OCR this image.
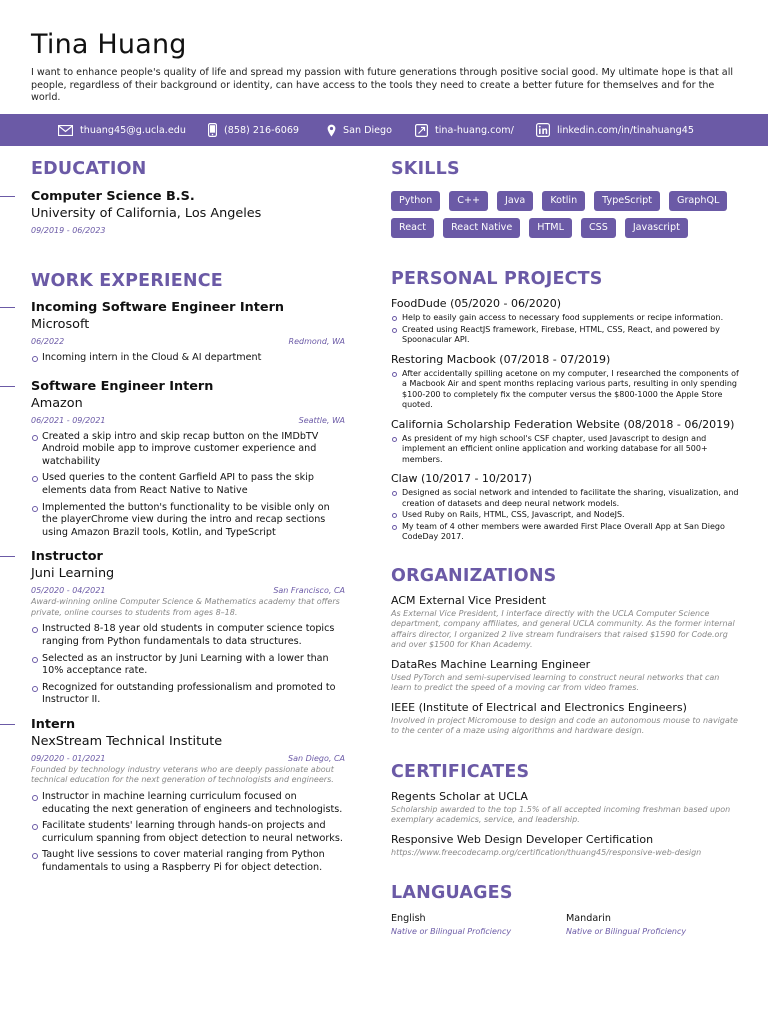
Tina Huang
I want to enhance people's quality of life and spread my passion with future generations through positive social good. My ultimate hope is that all people, regardless of their background or identity, can have access to the tools they need to create a better future for themselves and for the world.
thuang45@g.ucla.edu	(858) 216-6069	San Diego	tina-huang.com/	linkedin.com/in/tinahuang45
EDUCATION
Computer Science B.S.
University of California, Los Angeles
09/2019 - 06/2023
WORK EXPERIENCE
Incoming Software Engineer Intern
Microsoft
06/2022	Redmond, WA
Incoming intern in the Cloud & AI department
Software Engineer Intern
Amazon
06/2021 - 09/2021	Seattle, WA
Created a skip intro and skip recap button on the IMDbTV Android mobile app to improve customer experience and watchability
Used queries to the content Garfield API to pass the skip elements data from React Native to Native
Implemented the button's functionality to be visible only on the playerChrome view during the intro and recap sections using Amazon Brazil tools, Kotlin, and TypeScript
Instructor
Juni Learning
05/2020 - 04/2021	San Francisco, CA
Award-winning online Computer Science & Mathematics academy that offers private, online courses to students from ages 8–18.
Instructed 8-18 year old students in computer science topics ranging from Python fundamentals to data structures.
Selected as an instructor by Juni Learning with a lower than 10% acceptance rate.
Recognized for outstanding professionalism and promoted to Instructor II.
Intern
NexStream Technical Institute
09/2020 - 01/2021	San Diego, CA
Founded by technology industry veterans who are deeply passionate about technical education for the next generation of technologists and engineers.
Instructor in machine learning curriculum focused on educating the next generation of engineers and technologists.
Facilitate students' learning through hands-on projects and curriculum spanning from object detection to neural networks.
Taught live sessions to cover material ranging from Python fundamentals to using a Raspberry Pi for object detection.
SKILLS
Python	C++	Java	Kotlin	TypeScript	GraphQL
React	React Native	HTML	CSS	Javascript
PERSONAL PROJECTS
FoodDude (05/2020 - 06/2020)
Help to easily gain access to necessary food supplements or recipe information.
Created using ReactJS framework, Firebase, HTML, CSS, React, and powered by Spoonacular API.
Restoring Macbook (07/2018 - 07/2019)
After accidentally spilling acetone on my computer, I researched the components of a Macbook Air and spent months replacing various parts, resulting in only spending $100-200 to completely fix the computer versus the $800-1000 the Apple Store quoted.
California Scholarship Federation Website (08/2018 - 06/2019)
As president of my high school's CSF chapter, used Javascript to design and implement an efficient online application and working database for all 500+ members.
Claw (10/2017 - 10/2017)
Designed as social network and intended to facilitate the sharing, visualization, and creation of datasets and deep neural network models.
Used Ruby on Rails, HTML, CSS, Javascript, and NodeJS.
My team of 4 other members were awarded First Place Overall App at San Diego CodeDay 2017.
ORGANIZATIONS
ACM External Vice President
As External Vice President, I interface directly with the UCLA Computer Science department, company affiliates, and general UCLA community. As the former internal affairs director, I organized 2 live stream fundraisers that raised $1590 for Code.org and over $1500 for Khan Academy.
DataRes Machine Learning Engineer
Used PyTorch and semi-supervised learning to construct neural networks that can learn to predict the speed of a moving car from video frames.
IEEE (Institute of Electrical and Electronics Engineers)
Involved in project Micromouse to design and code an autonomous mouse to navigate to the center of a maze using algorithms and hardware design.
CERTIFICATES
Regents Scholar at UCLA
Scholarship awarded to the top 1.5% of all accepted incoming freshman based upon exemplary academics, service, and leadership.
Responsive Web Design Developer Certification
https://www.freecodecamp.org/certification/thuang45/responsive-web-design
LANGUAGES
English
Native or Bilingual Proficiency
Mandarin
Native or Bilingual Proficiency
